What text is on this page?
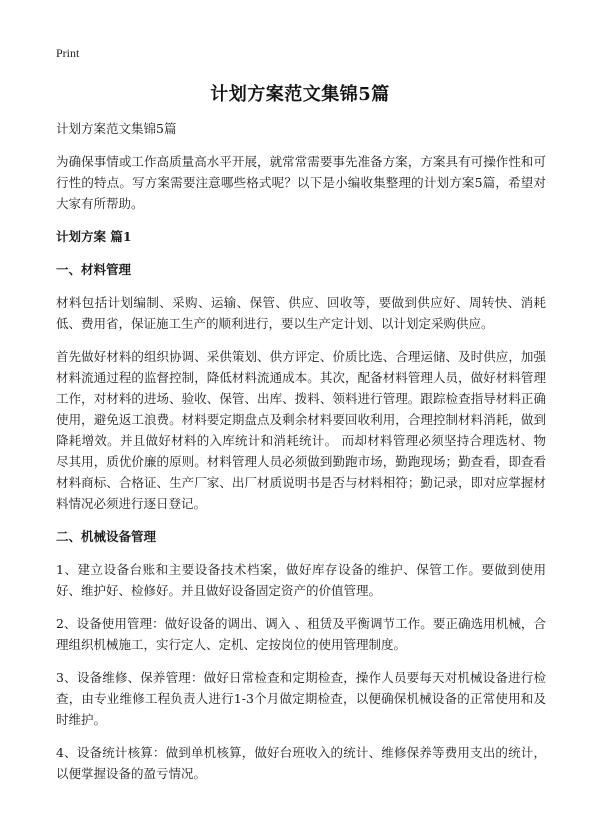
Print
计划方案范文集锦5篇

计划方案范文集锦5篇

为确保事情或工作高质量高水平开展，就常常需要事先准备方案，方案具有可操作性和可行性的特点。写方案需要注意哪些格式呢？以下是小编收集整理的计划方案5篇，希望对大家有所帮助。

计划方案 篇1

一、材料管理

材料包括计划编制、采购、运输、保管、供应、回收等，要做到供应好、周转快、消耗低、费用省，保证施工生产的顺利进行，要以生产定计划、以计划定采购供应。

首先做好材料的组织协调、采供策划、供方评定、价质比选、合理运储、及时供应，加强材料流通过程的监督控制，降低材料流通成本。其次，配备材料管理人员，做好材料管理工作，对材料的进场、验收、保管、出库、拨料、领料进行管理。跟踪检查指导材料正确使用，避免返工浪费。材料要定期盘点及剩余材料要回收利用，合理控制材料消耗，做到降耗增效。并且做好材料的入库统计和消耗统计。 而却材料管理必须坚持合理选材、物尽其用，质优价廉的原则。材料管理人员必须做到勤跑市场，勤跑现场；勤查看，即查看材料商标、合格证、生产厂家、出厂材质说明书是否与材料相符；勤记录，即对应掌握材料情况必须进行逐日登记。

二、机械设备管理

1、建立设备台账和主要设备技术档案，做好库存设备的维护、保管工作。要做到使用好、维护好、检修好。并且做好设备固定资产的价值管理。

2、设备使用管理：做好设备的调出、调入 、租赁及平衡调节工作。要正确选用机械，合理组织机械施工，实行定人、定机、定按岗位的使用管理制度。

3、设备维修、保养管理：做好日常检查和定期检查，操作人员要每天对机械设备进行检查，由专业维修工程负责人进行1-3个月做定期检查，以便确保机械设备的正常使用和及时维护。

4、设备统计核算：做到单机核算，做好台班收入的统计、维修保养等费用支出的统计，以便掌握设备的盈亏情况。
